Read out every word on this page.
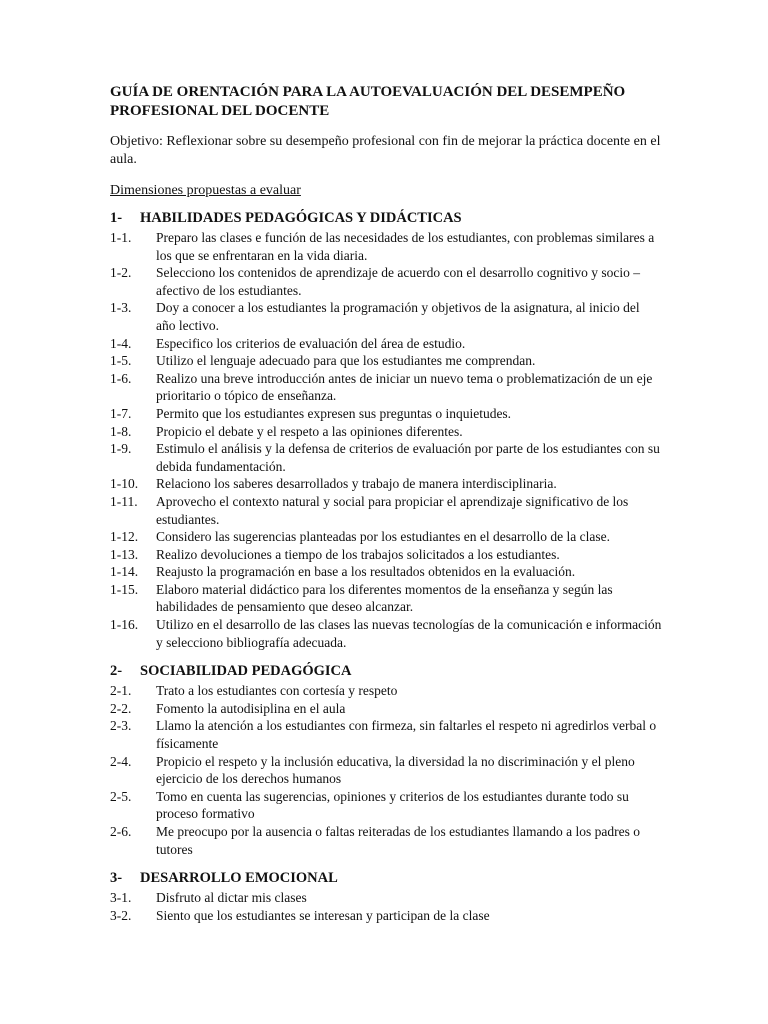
GUÍA DE ORENTACIÓN PARA LA AUTOEVALUACIÓN DEL DESEMPEÑO PROFESIONAL DEL DOCENTE
Objetivo: Reflexionar sobre su desempeño profesional con fin de mejorar la práctica docente en el aula.
Dimensiones propuestas a evaluar
1-	HABILIDADES PEDAGÓGICAS Y DIDÁCTICAS
1-1.	Preparo las clases e función de las necesidades de los estudiantes, con problemas similares a los que se enfrentaran en la vida diaria.
1-2.	Selecciono los contenidos de aprendizaje de acuerdo con el desarrollo cognitivo y socio – afectivo de los estudiantes.
1-3.	Doy a conocer a los estudiantes la programación y objetivos de la asignatura, al inicio del año lectivo.
1-4.	Especifico los criterios de evaluación del área de estudio.
1-5.	Utilizo el lenguaje adecuado para que los estudiantes me comprendan.
1-6.	Realizo una breve introducción antes de iniciar un nuevo tema o problematización de un eje prioritario o tópico de enseñanza.
1-7.	Permito que los estudiantes expresen sus preguntas o inquietudes.
1-8.	Propicio el debate y el respeto a las opiniones diferentes.
1-9.	Estimulo el análisis y la defensa de criterios de evaluación por parte de los estudiantes con su debida fundamentación.
1-10.	Relaciono los saberes desarrollados y trabajo de manera interdisciplinaria.
1-11.	Aprovecho el contexto natural y social para propiciar el aprendizaje significativo de los estudiantes.
1-12.	Considero las sugerencias planteadas por los estudiantes en el desarrollo de la clase.
1-13.	Realizo devoluciones a tiempo de los trabajos solicitados a los estudiantes.
1-14.	Reajusto la programación en base a los resultados obtenidos en la evaluación.
1-15.	Elaboro material didáctico para los diferentes momentos de la enseñanza y según las habilidades de pensamiento que deseo alcanzar.
1-16.	Utilizo en el desarrollo de las clases las nuevas tecnologías de la comunicación e información y selecciono bibliografía adecuada.
2-	SOCIABILIDAD PEDAGÓGICA
2-1.	Trato a los estudiantes con cortesía y respeto
2-2.	Fomento la autodisiplina en el aula
2-3.	Llamo la atención a los estudiantes con firmeza, sin faltarles el respeto ni agredirlos verbal o físicamente
2-4.	Propicio el respeto y la inclusión educativa, la diversidad la no discriminación y el pleno ejercicio de los derechos humanos
2-5.	Tomo en cuenta las sugerencias, opiniones y criterios de los estudiantes durante todo su proceso formativo
2-6.	Me preocupo por la ausencia o faltas reiteradas de los estudiantes llamando a los padres o tutores
3-	DESARROLLO EMOCIONAL
3-1.	Disfruto al dictar mis clases
3-2.	Siento que los estudiantes se interesan y participan de la clase
